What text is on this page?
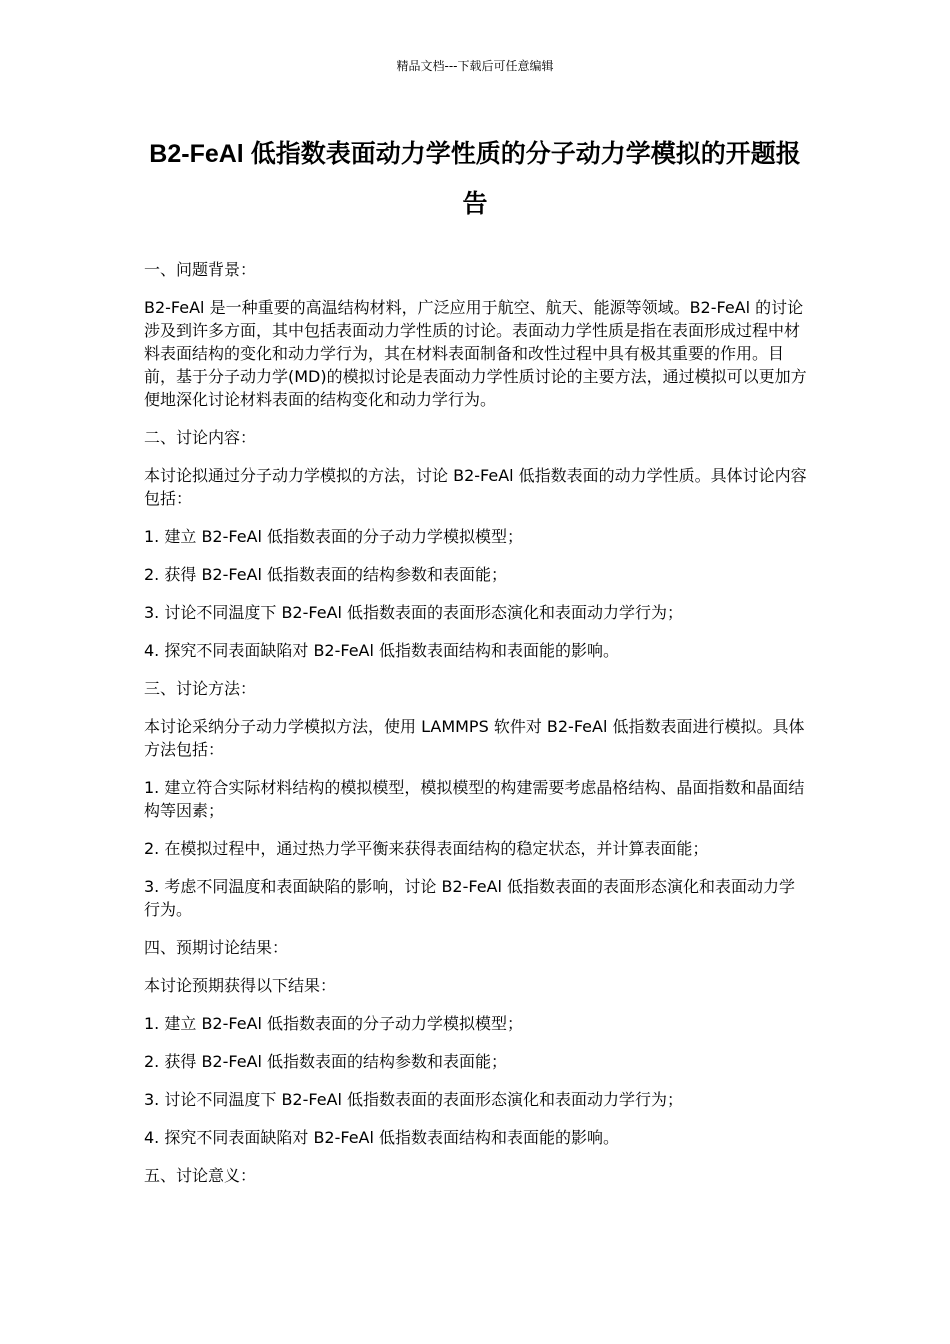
精品文档---下载后可任意编辑
B2-FeAl 低指数表面动力学性质的分子动力学模拟的开题报告

一、问题背景：

B2-FeAl 是一种重要的高温结构材料，广泛应用于航空、航天、能源等领域。B2-FeAl 的讨论涉及到许多方面，其中包括表面动力学性质的讨论。表面动力学性质是指在表面形成过程中材料表面结构的变化和动力学行为，其在材料表面制备和改性过程中具有极其重要的作用。目前，基于分子动力学(MD)的模拟讨论是表面动力学性质讨论的主要方法，通过模拟可以更加方便地深化讨论材料表面的结构变化和动力学行为。

二、讨论内容：

本讨论拟通过分子动力学模拟的方法，讨论 B2-FeAl 低指数表面的动力学性质。具体讨论内容包括：

1. 建立 B2-FeAl 低指数表面的分子动力学模拟模型；

2. 获得 B2-FeAl 低指数表面的结构参数和表面能；

3. 讨论不同温度下 B2-FeAl 低指数表面的表面形态演化和表面动力学行为；

4. 探究不同表面缺陷对 B2-FeAl 低指数表面结构和表面能的影响。

三、讨论方法：

本讨论采纳分子动力学模拟方法，使用 LAMMPS 软件对 B2-FeAl 低指数表面进行模拟。具体方法包括：

1. 建立符合实际材料结构的模拟模型，模拟模型的构建需要考虑晶格结构、晶面指数和晶面结构等因素；

2. 在模拟过程中，通过热力学平衡来获得表面结构的稳定状态，并计算表面能；

3. 考虑不同温度和表面缺陷的影响，讨论 B2-FeAl 低指数表面的表面形态演化和表面动力学行为。

四、预期讨论结果：

本讨论预期获得以下结果：

1. 建立 B2-FeAl 低指数表面的分子动力学模拟模型；

2. 获得 B2-FeAl 低指数表面的结构参数和表面能；

3. 讨论不同温度下 B2-FeAl 低指数表面的表面形态演化和表面动力学行为；

4. 探究不同表面缺陷对 B2-FeAl 低指数表面结构和表面能的影响。

五、讨论意义：
